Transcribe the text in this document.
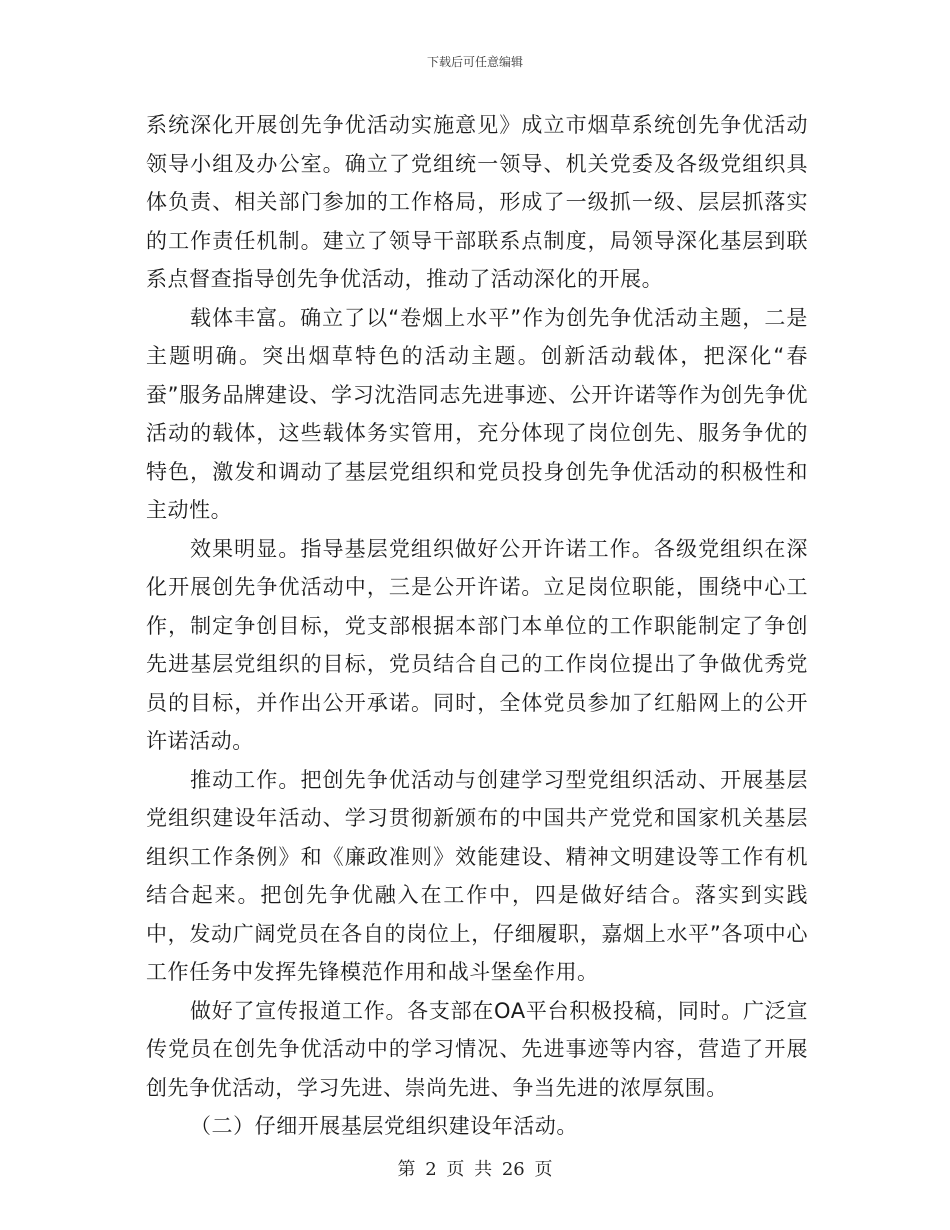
下载后可任意编辑

系统深化开展创先争优活动实施意见》成立市烟草系统创先争优活动领导小组及办公室。确立了党组统一领导、机关党委及各级党组织具体负责、相关部门参加的工作格局，形成了一级抓一级、层层抓落实的工作责任机制。建立了领导干部联系点制度，局领导深化基层到联系点督查指导创先争优活动，推动了活动深化的开展。

载体丰富。确立了以“卷烟上水平”作为创先争优活动主题，二是主题明确。突出烟草特色的活动主题。创新活动载体，把深化“春蚕”服务品牌建设、学习沈浩同志先进事迹、公开许诺等作为创先争优活动的载体，这些载体务实管用，充分体现了岗位创先、服务争优的特色，激发和调动了基层党组织和党员投身创先争优活动的积极性和主动性。

效果明显。指导基层党组织做好公开许诺工作。各级党组织在深化开展创先争优活动中，三是公开许诺。立足岗位职能，围绕中心工作，制定争创目标，党支部根据本部门本单位的工作职能制定了争创先进基层党组织的目标，党员结合自己的工作岗位提出了争做优秀党员的目标，并作出公开承诺。同时，全体党员参加了红船网上的公开许诺活动。

推动工作。把创先争优活动与创建学习型党组织活动、开展基层党组织建设年活动、学习贯彻新颁布的中国共产党党和国家机关基层组织工作条例》和《廉政准则》效能建设、精神文明建设等工作有机结合起来。把创先争优融入在工作中，四是做好结合。落实到实践中，发动广阔党员在各自的岗位上，仔细履职，嘉烟上水平”各项中心工作任务中发挥先锋模范作用和战斗堡垒作用。

做好了宣传报道工作。各支部在OA平台积极投稿，同时。广泛宣传党员在创先争优活动中的学习情况、先进事迹等内容，营造了开展创先争优活动，学习先进、崇尚先进、争当先进的浓厚氛围。

（二）仔细开展基层党组织建设年活动。

第 2 页 共 26 页
